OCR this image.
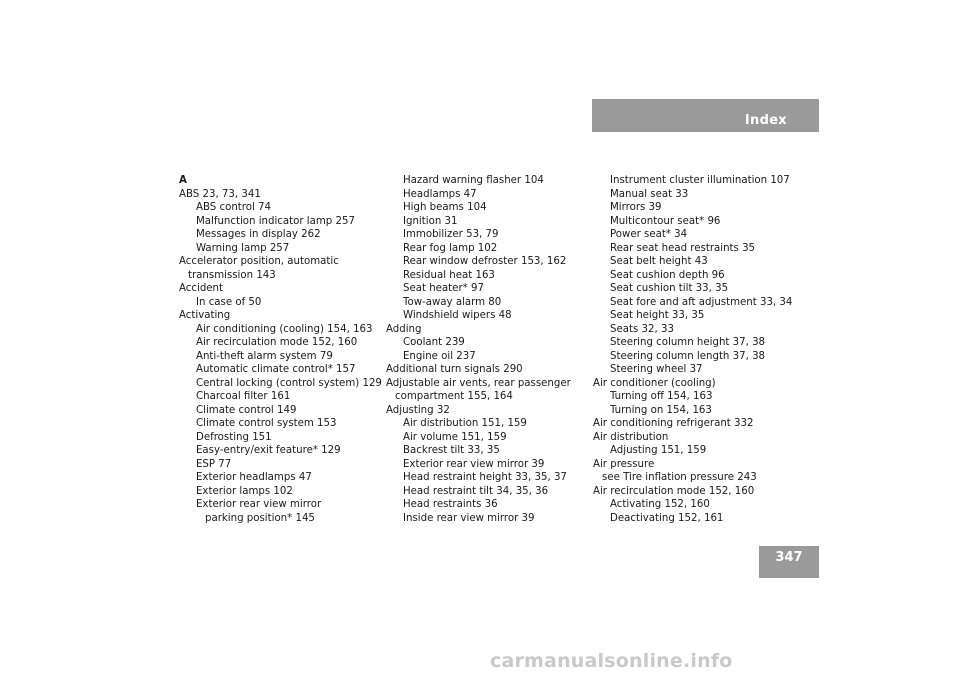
Index
A
ABS 23, 73, 341
ABS control 74
Malfunction indicator lamp 257
Messages in display 262
Warning lamp 257
Accelerator position, automatic
transmission 143
Accident
In case of 50
Activating
Air conditioning (cooling) 154, 163
Air recirculation mode 152, 160
Anti-theft alarm system 79
Automatic climate control* 157
Central locking (control system) 129
Charcoal filter 161
Climate control 149
Climate control system 153
Defrosting 151
Easy-entry/exit feature* 129
ESP 77
Exterior headlamps 47
Exterior lamps 102
Exterior rear view mirror
parking position* 145
Hazard warning flasher 104
Headlamps 47
High beams 104
Ignition 31
Immobilizer 53, 79
Rear fog lamp 102
Rear window defroster 153, 162
Residual heat 163
Seat heater* 97
Tow-away alarm 80
Windshield wipers 48
Adding
Coolant 239
Engine oil 237
Additional turn signals 290
Adjustable air vents, rear passenger
compartment 155, 164
Adjusting 32
Air distribution 151, 159
Air volume 151, 159
Backrest tilt 33, 35
Exterior rear view mirror 39
Head restraint height 33, 35, 37
Head restraint tilt 34, 35, 36
Head restraints 36
Inside rear view mirror 39
Instrument cluster illumination 107
Manual seat 33
Mirrors 39
Multicontour seat* 96
Power seat* 34
Rear seat head restraints 35
Seat belt height 43
Seat cushion depth 96
Seat cushion tilt 33, 35
Seat fore and aft adjustment 33, 34
Seat height 33, 35
Seats 32, 33
Steering column height 37, 38
Steering column length 37, 38
Steering wheel 37
Air conditioner (cooling)
Turning off 154, 163
Turning on 154, 163
Air conditioning refrigerant 332
Air distribution
Adjusting 151, 159
Air pressure
see Tire inflation pressure 243
Air recirculation mode 152, 160
Activating 152, 160
Deactivating 152, 161
347
carmanualsonline.info
